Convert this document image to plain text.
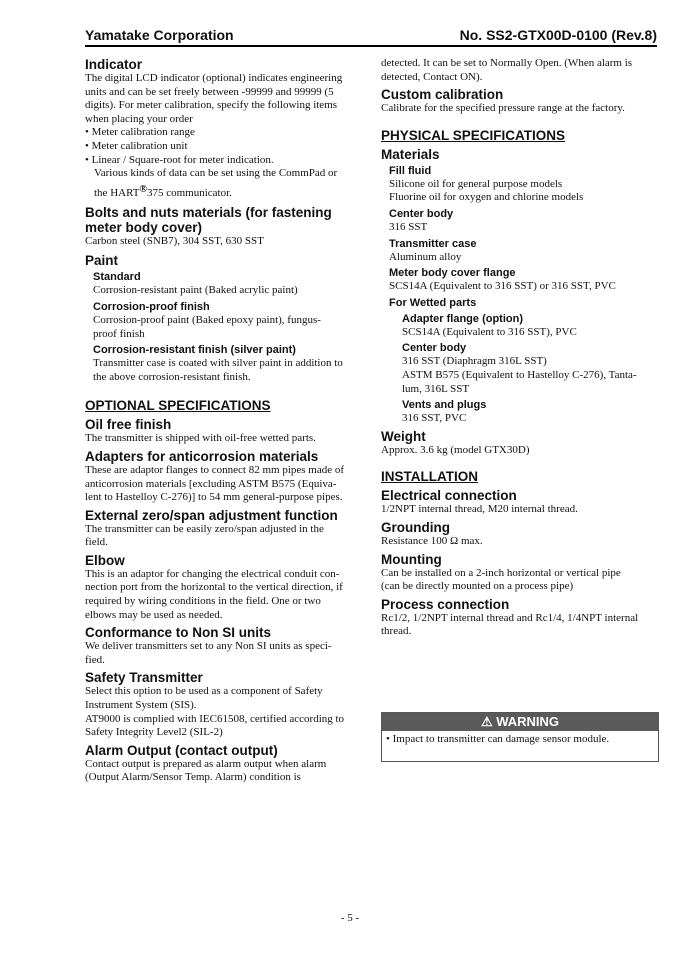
Yamatake Corporation	No. SS2-GTX00D-0100 (Rev.8)

Indicator

The digital LCD indicator (optional) indicates engineering

units and can be set freely between -99999 and 99999 (5

digits). For meter calibration, specify the following items

when placing your order

• Meter calibration range

• Meter calibration unit

• Linear / Square-root for meter indication.

Various kinds of data can be set using the CommPad or

the HART®375 communicator.

Bolts and nuts materials (for fastening

meter body cover)

Carbon steel (SNB7), 304 SST, 630 SST

Paint

Standard

Corrosion-resistant paint (Baked acrylic paint)

Corrosion-proof finish

Corrosion-proof paint (Baked epoxy paint), fungus-

proof finish

Corrosion-resistant finish (silver paint)

Transmitter case is coated with silver paint in addition to

the above corrosion-resistant finish.

OPTIONAL SPECIFICATIONS

Oil free finish

The transmitter is shipped with oil-free wetted parts.

Adapters for anticorrosion materials

These are adaptor flanges to connect 82 mm pipes made of

anticorrosion materials [excluding ASTM B575 (Equiva-

lent to Hastelloy C-276)] to 54 mm general-purpose pipes.

External zero/span adjustment function

The transmitter can be easily zero/span adjusted in the

field.

Elbow

This is an adaptor for changing the electrical conduit con-

nection port from the horizontal to the vertical direction, if

required by wiring conditions in the field. One or two

elbows may be used as needed.

Conformance to Non SI units

We deliver transmitters set to any Non SI units as speci-

fied.

Safety Transmitter

Select this option to be used as a component of Safety

Instrument System (SIS).

AT9000 is complied with IEC61508, certified according to

Safety Integrity Level2 (SIL-2)

Alarm Output (contact output)

Contact output is prepared as alarm output when alarm

(Output Alarm/Sensor Temp. Alarm) condition is

detected. It can be set to Normally Open. (When alarm is

detected, Contact ON).

Custom calibration

Calibrate for the specified pressure range at the factory.

PHYSICAL SPECIFICATIONS

Materials

Fill fluid

Silicone oil for general purpose models

Fluorine oil for oxygen and chlorine models

Center body

316 SST

Transmitter case

Aluminum alloy

Meter body cover flange

SCS14A (Equivalent to 316 SST) or 316 SST, PVC

For Wetted parts

Adapter flange (option)

SCS14A (Equivalent to 316 SST), PVC

Center body

316 SST (Diaphragm 316L SST)

ASTM B575 (Equivalent to Hastelloy C-276), Tanta-

lum, 316L SST

Vents and plugs

316 SST, PVC

Weight

Approx. 3.6 kg (model GTX30D)

INSTALLATION

Electrical connection

1/2NPT internal thread, M20 internal thread.

Grounding

Resistance 100 Ω max.

Mounting

Can be installed on a 2-inch horizontal or vertical pipe

(can be directly mounted on a process pipe)

Process connection

Rc1/2, 1/2NPT internal thread and Rc1/4, 1/4NPT internal

thread.

⚠ WARNING
• Impact to transmitter can damage sensor module.
- 5 -
